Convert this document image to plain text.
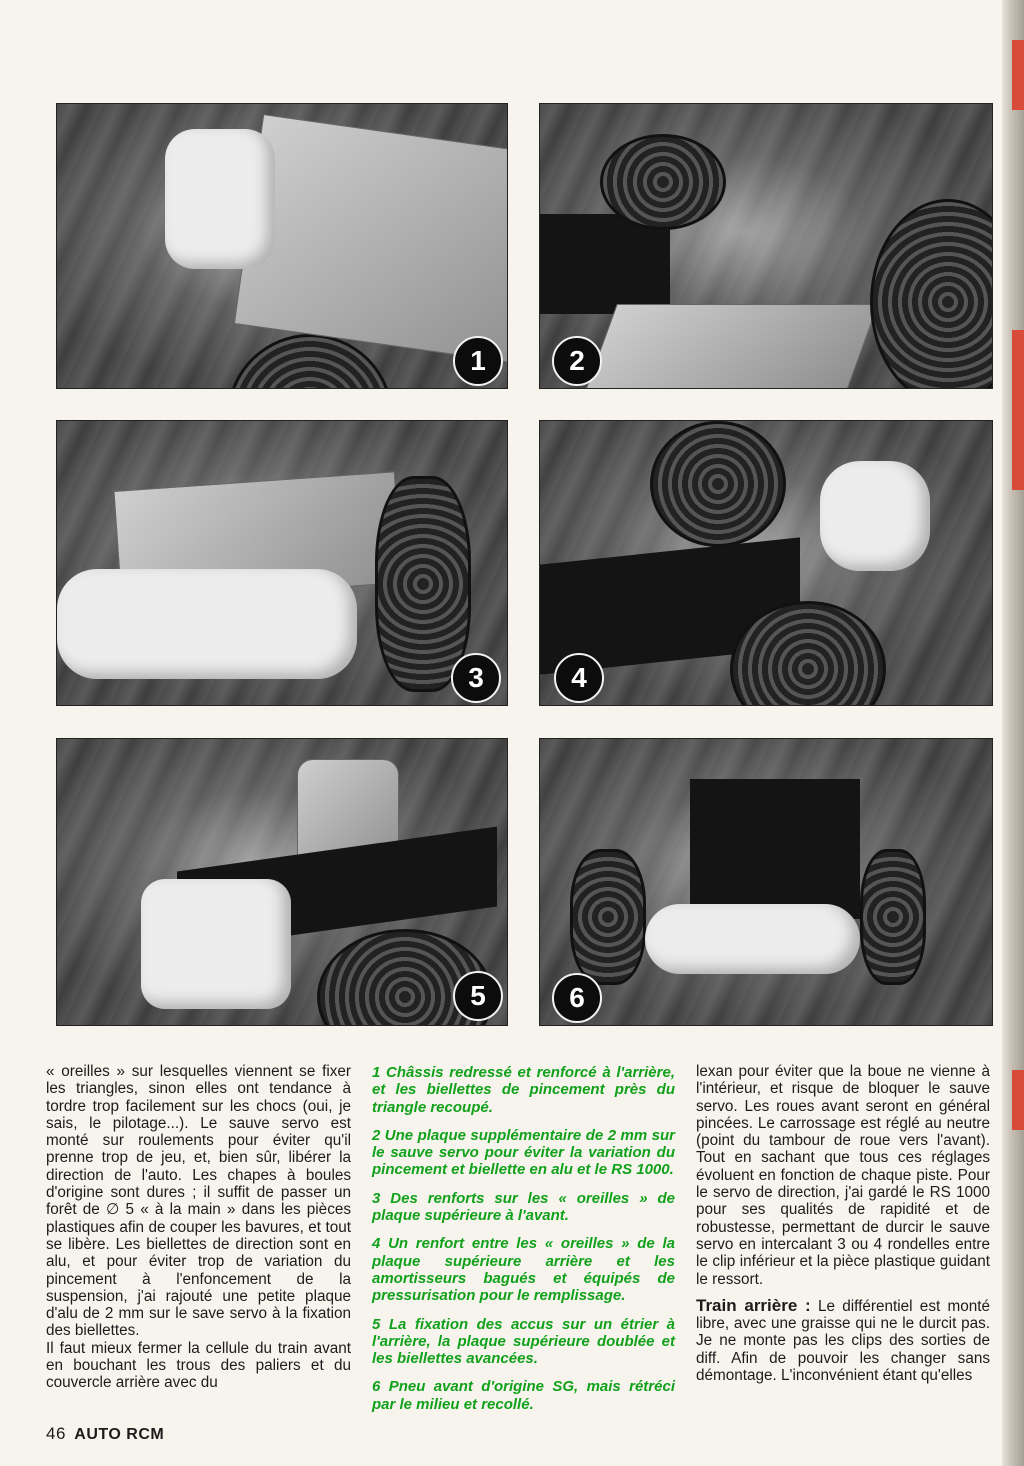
1	2
3	4
5	6

« oreilles » sur lesquelles viennent se fixer les triangles, sinon elles ont tendance à tordre trop facilement sur les chocs (oui, je sais, le pilotage...). Le sauve servo est monté sur roulements pour éviter qu'il prenne trop de jeu, et, bien sûr, libérer la direction de l'auto. Les chapes à boules d'origine sont dures ; il suffit de passer un forêt de ∅ 5 « à la main » dans les pièces plastiques afin de couper les bavures, et tout se libère. Les biellettes de direction sont en alu, et pour éviter trop de variation du pincement à l'enfoncement de la suspension, j'ai rajouté une petite plaque d'alu de 2 mm sur le save servo à la fixation des biellettes.

Il faut mieux fermer la cellule du train avant en bouchant les trous des paliers et du couvercle arrière avec du

1 Châssis redressé et renforcé à l'arrière, et les biellettes de pincement près du triangle recoupé.

2 Une plaque supplémentaire de 2 mm sur le sauve servo pour éviter la variation du pincement et biellette en alu et le RS 1000.

3 Des renforts sur les « oreilles » de plaque supérieure à l'avant.

4 Un renfort entre les « oreilles » de la plaque supérieure arrière et les amortisseurs bagués et équipés de pressurisation pour le remplissage.

5 La fixation des accus sur un étrier à l'arrière, la plaque supérieure doublée et les biellettes avancées.

6 Pneu avant d'origine SG, mais rétréci par le milieu et recollé.

lexan pour éviter que la boue ne vienne à l'intérieur, et risque de bloquer le sauve servo. Les roues avant seront en général pincées. Le carrossage est réglé au neutre (point du tambour de roue vers l'avant). Tout en sachant que tous ces réglages évoluent en fonction de chaque piste. Pour le servo de direction, j'ai gardé le RS 1000 pour ses qualités de rapidité et de robustesse, permettant de durcir le sauve servo en intercalant 3 ou 4 rondelles entre le clip inférieur et la pièce plastique guidant le ressort.

Train arrière : Le différentiel est monté libre, avec une graisse qui ne le durcit pas. Je ne monte pas les clips des sorties de diff. Afin de pouvoir les changer sans démontage. L'inconvénient étant qu'elles

46 AUTO RCM
